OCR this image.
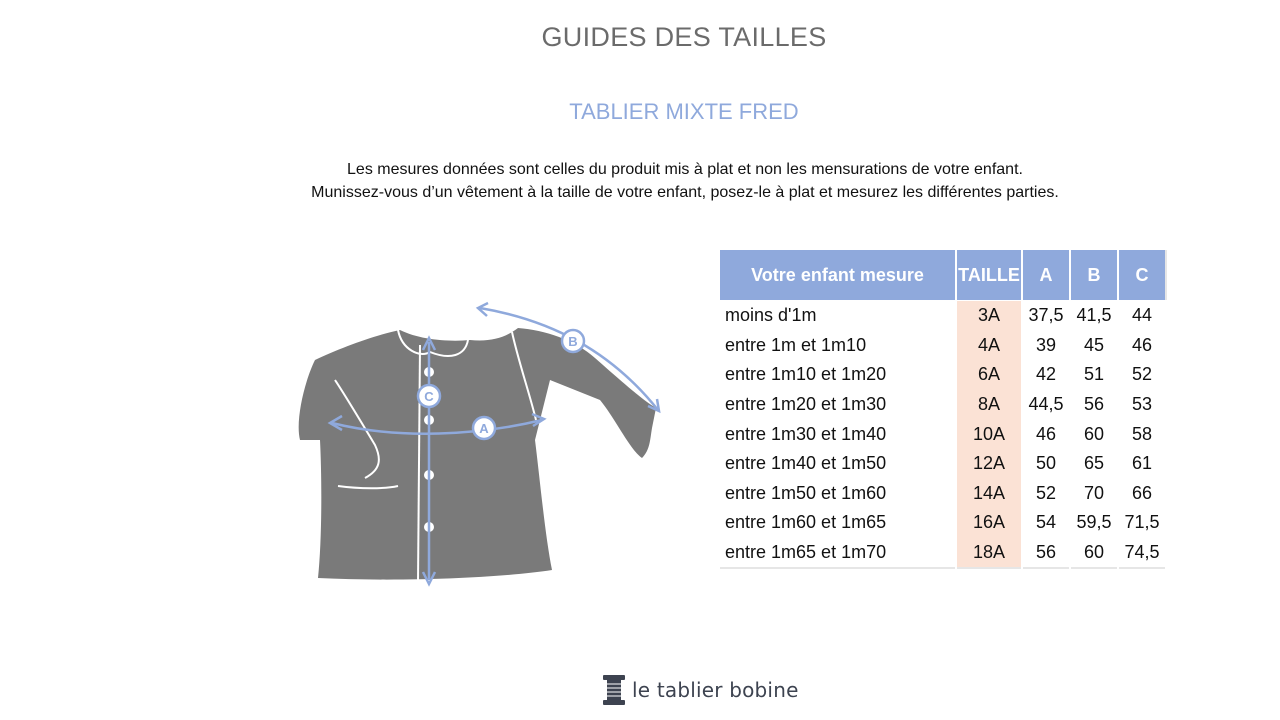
GUIDES DES TAILLES
TABLIER MIXTE FRED
Les mesures données sont celles du produit mis à plat et non les mensurations de votre enfant.
Munissez-vous d’un vêtement à la taille de votre enfant, posez-le à plat et mesurez les différentes parties.
C
A
B
Votre enfant mesure	TAILLE	A	B	C
moins d'1m	3A	37,5	41,5	44
entre 1m et 1m10	4A	39	45	46
entre 1m10 et 1m20	6A	42	51	52
entre 1m20 et 1m30	8A	44,5	56	53
entre 1m30 et 1m40	10A	46	60	58
entre 1m40 et 1m50	12A	50	65	61
entre 1m50 et 1m60	14A	52	70	66
entre 1m60 et 1m65	16A	54	59,5	71,5
entre 1m65 et 1m70	18A	56	60	74,5
le tablier bobine
